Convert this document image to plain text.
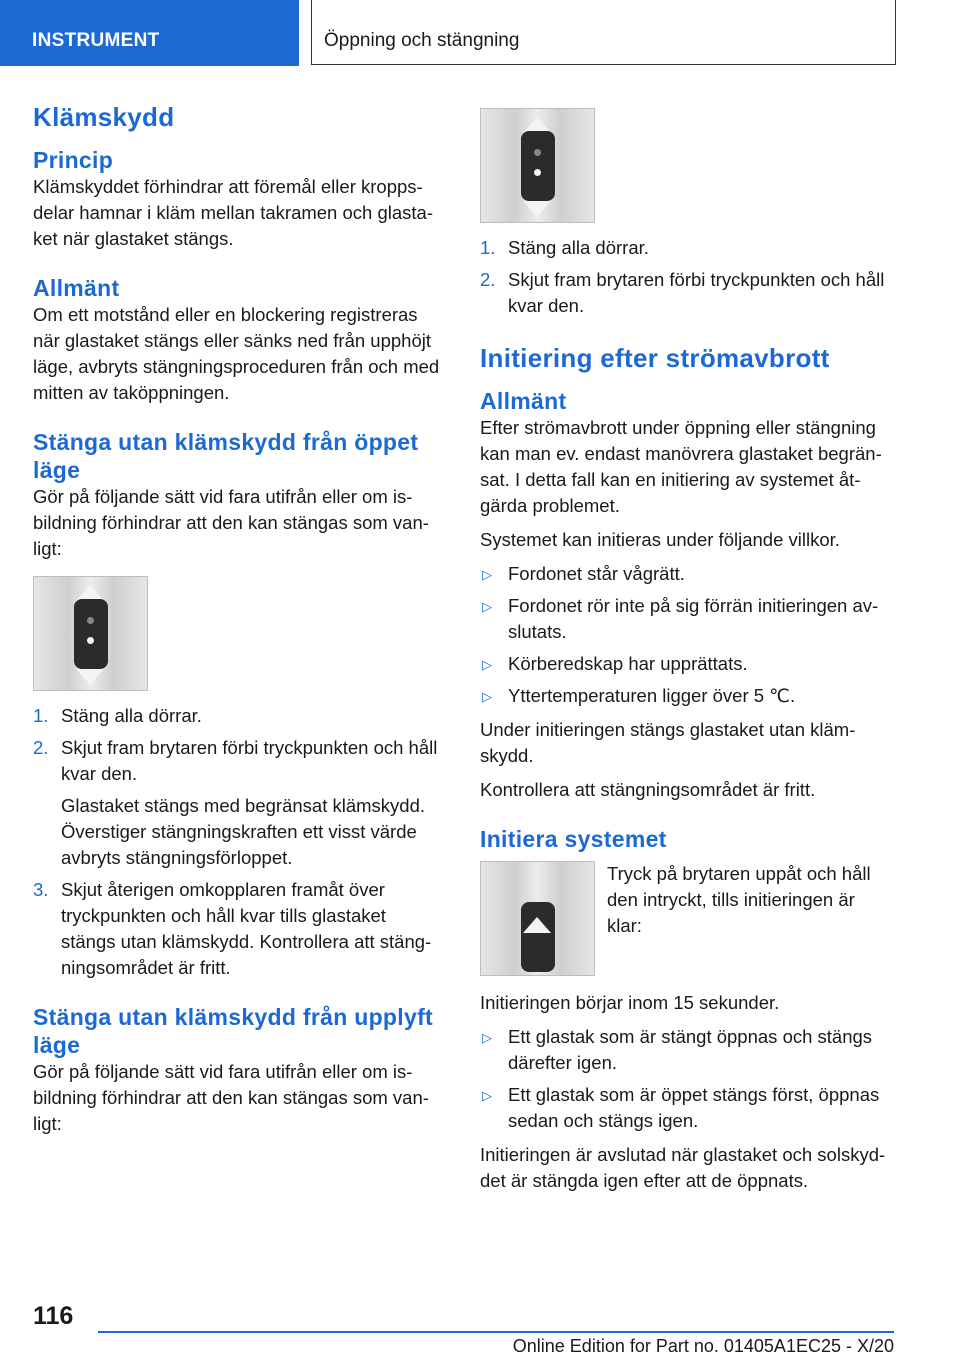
INSTRUMENT	Öppning och stängning
Klämskydd
Princip

Klämskyddet förhindrar att föremål eller kroppsdelar hamnar i kläm mellan takramen och glastaket när glastaket stängs.

Allmänt

Om ett motstånd eller en blockering registreras när glastaket stängs eller sänks ned från upphöjt läge, avbryts stängningsproceduren från och med mitten av taköppningen.

Stänga utan klämskydd från öppet läge

Gör på följande sätt vid fara utifrån eller om isbildning förhindrar att den kan stängas som vanligt:

1. Stäng alla dörrar.
2. Skjut fram brytaren förbi tryckpunkten och håll kvar den.
Glastaket stängs med begränsat klämskydd. Överstiger stängningskraften ett visst värde avbryts stängningsförloppet.
3. Skjut återigen omkopplaren framåt över tryckpunkten och håll kvar tills glastaket stängs utan klämskydd. Kontrollera att stängningsområdet är fritt.
Stänga utan klämskydd från upplyft läge

Gör på följande sätt vid fara utifrån eller om isbildning förhindrar att den kan stängas som vanligt:

1. Stäng alla dörrar.
2. Skjut fram brytaren förbi tryckpunkten och håll kvar den.
Initiering efter strömavbrott
Allmänt

Efter strömavbrott under öppning eller stängning kan man ev. endast manövrera glastaket begränsat. I detta fall kan en initiering av systemet åtgärda problemet.

Systemet kan initieras under följande villkor.

▷ Fordonet står vågrätt.
▷ Fordonet rör inte på sig förrän initieringen avslutats.
▷ Körberedskap har upprättats.
▷ Yttertemperaturen ligger över 5 ℃.

Under initieringen stängs glastaket utan klämskydd.

Kontrollera att stängningsområdet är fritt.

Initiera systemet

Tryck på brytaren uppåt och håll den intryckt, tills initieringen är klar:

Initieringen börjar inom 15 sekunder.

▷ Ett glastak som är stängt öppnas och stängs därefter igen.
▷ Ett glastak som är öppet stängs först, öppnas sedan och stängs igen.

Initieringen är avslutad när glastaket och solskyddet är stängda igen efter att de öppnats.

116
Online Edition for Part no. 01405A1EC25 - X/20
